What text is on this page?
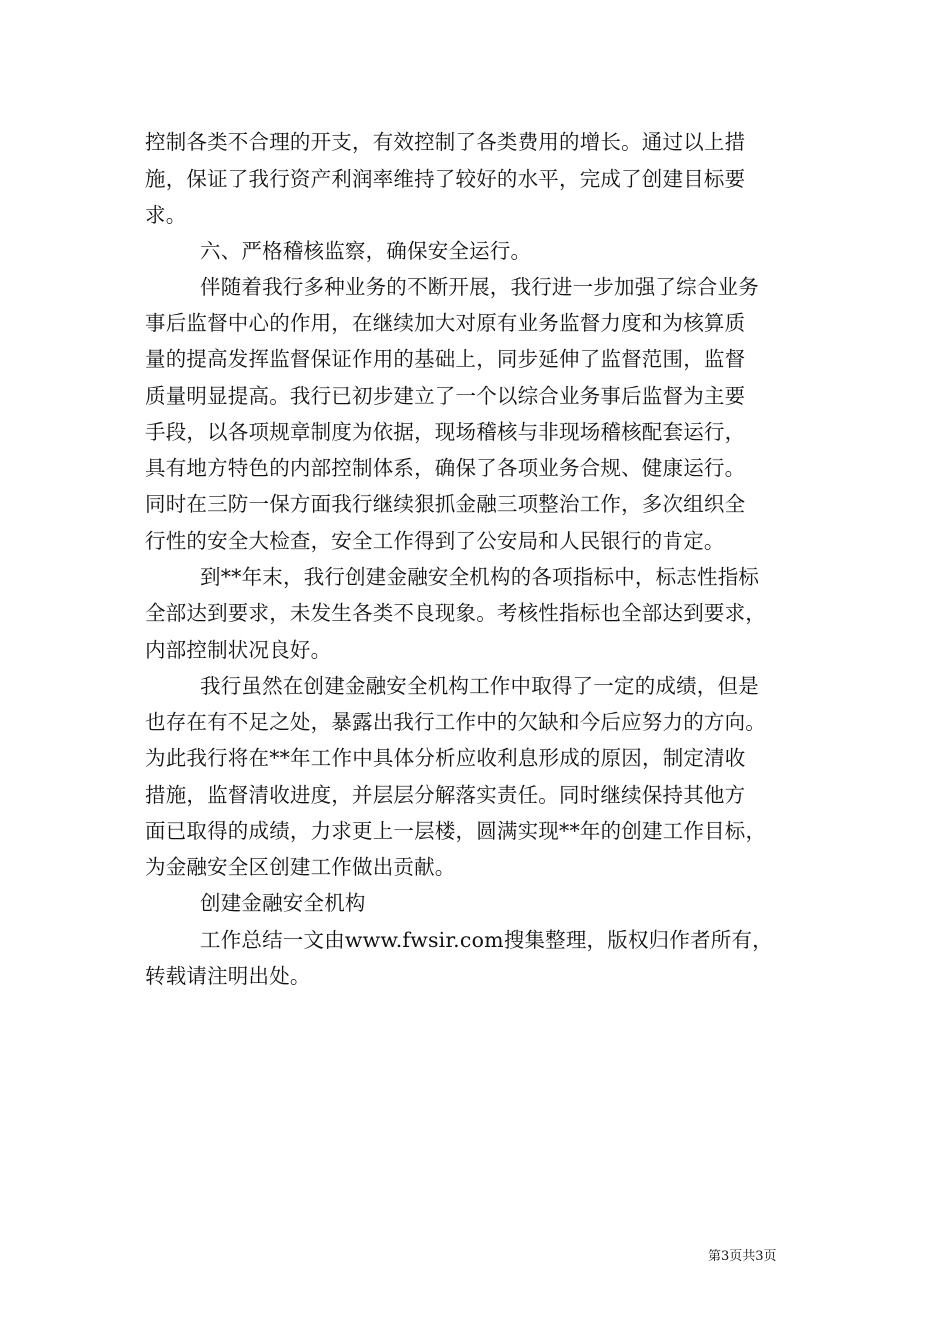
控制各类不合理的开支，有效控制了各类费用的增长。通过以上措
施，保证了我行资产利润率维持了较好的水平，完成了创建目标要
求。
六、严格稽核监察，确保安全运行。
伴随着我行多种业务的不断开展，我行进一步加强了综合业务
事后监督中心的作用，在继续加大对原有业务监督力度和为核算质
量的提高发挥监督保证作用的基础上，同步延伸了监督范围，监督
质量明显提高。我行已初步建立了一个以综合业务事后监督为主要
手段，以各项规章制度为依据，现场稽核与非现场稽核配套运行，
具有地方特色的内部控制体系，确保了各项业务合规、健康运行。
同时在三防一保方面我行继续狠抓金融三项整治工作，多次组织全
行性的安全大检查，安全工作得到了公安局和人民银行的肯定。
到**年末，我行创建金融安全机构的各项指标中，标志性指标
全部达到要求，未发生各类不良现象。考核性指标也全部达到要求，
内部控制状况良好。
我行虽然在创建金融安全机构工作中取得了一定的成绩，但是
也存在有不足之处，暴露出我行工作中的欠缺和今后应努力的方向。
为此我行将在**年工作中具体分析应收利息形成的原因，制定清收
措施，监督清收进度，并层层分解落实责任。同时继续保持其他方
面已取得的成绩，力求更上一层楼，圆满实现**年的创建工作目标，
为金融安全区创建工作做出贡献。
创建金融安全机构
工作总结一文由www.fwsir.com搜集整理，版权归作者所有，
转载请注明出处。
第3页共3页
